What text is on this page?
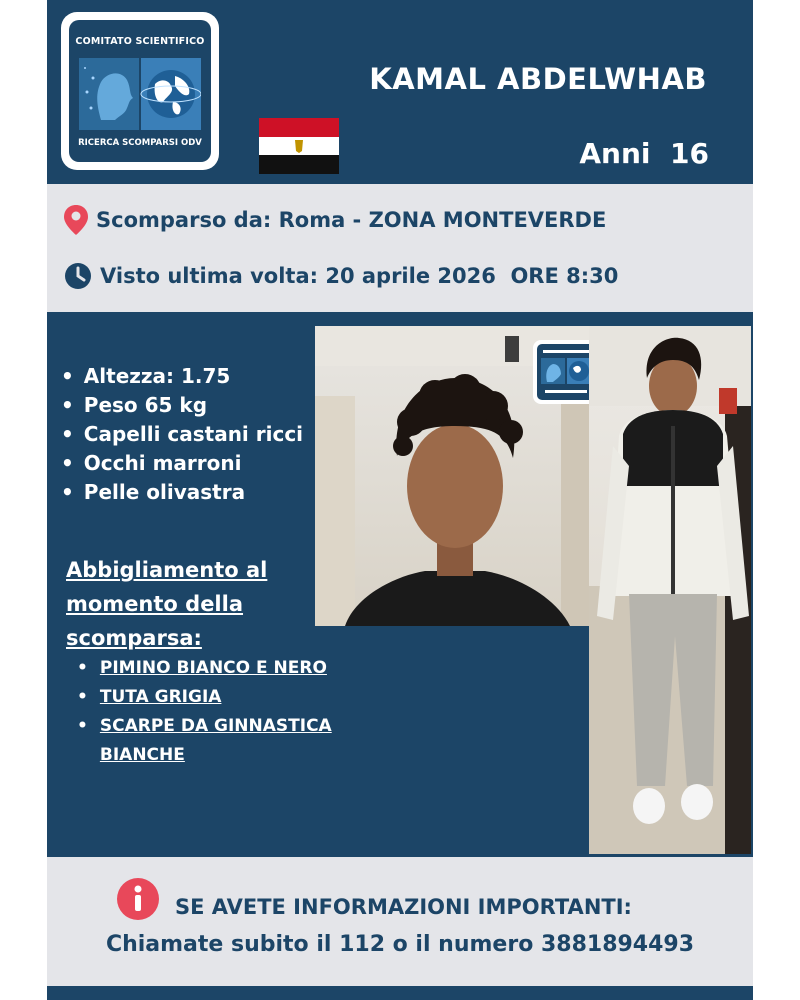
COMITATO SCIENTIFICO
RICERCA SCOMPARSI ODV
KAMAL ABDELWHAB
Anni  16
Scomparso da: Roma - ZONA MONTEVERDE
Visto ultima volta: 20 aprile 2026  ORE 8:30
• Altezza: 1.75
• Peso 65 kg
• Capelli castani ricci
• Occhi marroni
• Pelle olivastra
Abbigliamento al momento della scomparsa:
• PIMINO BIANCO E NERO
• TUTA GRIGIA
• SCARPE DA GINNASTICA BIANCHE
SE AVETE INFORMAZIONI IMPORTANTI:
Chiamate subito il 112 o il numero 3881894493
